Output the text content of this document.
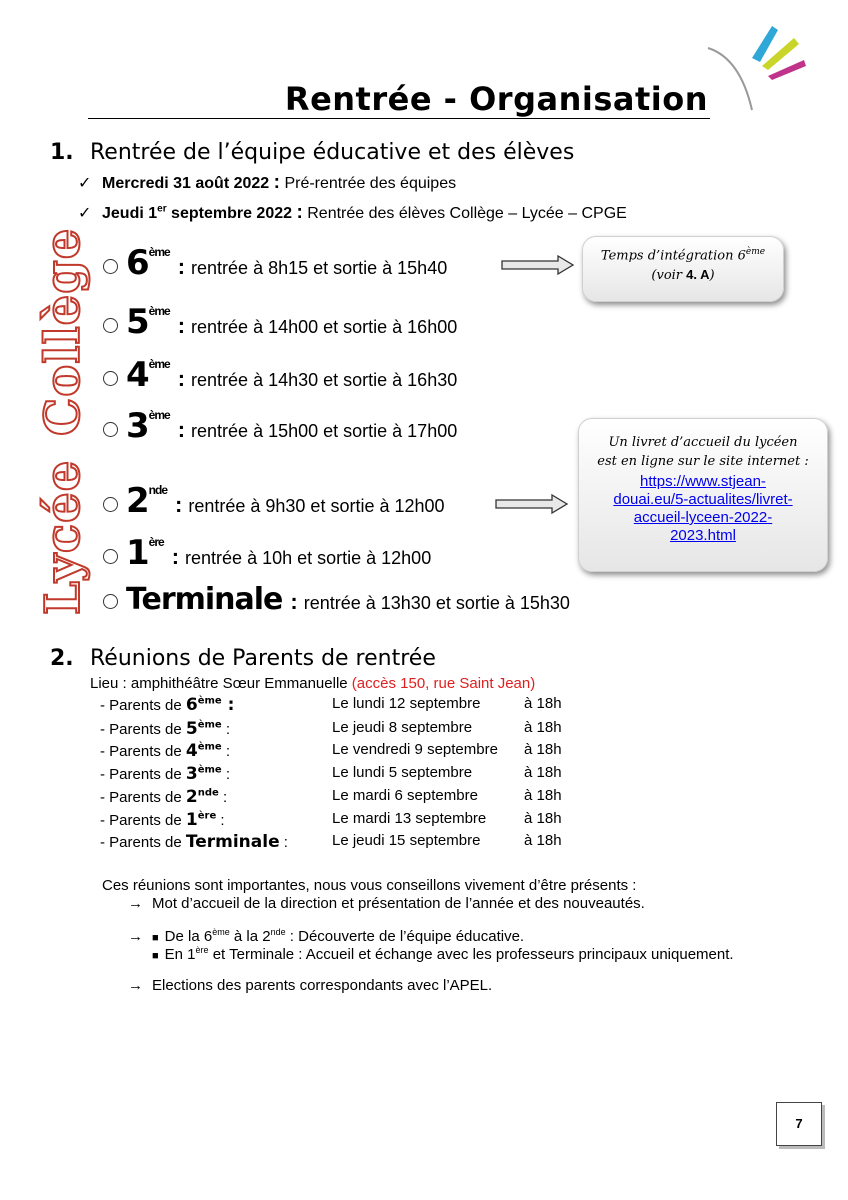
Rentrée - Organisation
1. Rentrée de l’équipe éducative et des élèves
✓ Mercredi 31 août 2022 : Pré-rentrée des équipes
✓ Jeudi 1er septembre 2022 : Rentrée des élèves Collège – Lycée – CPGE
Collège
Lycée
6ème: rentrée à 8h15 et sortie à 15h40
5ème: rentrée à 14h00 et sortie à 16h00
4ème: rentrée à 14h30 et sortie à 16h30
3ème: rentrée à 15h00 et sortie à 17h00
2nde: rentrée à 9h30 et sortie à 12h00
1ère: rentrée à 10h et sortie à 12h00
Terminale : rentrée à 13h30 et sortie à 15h30
Temps d’intégration 6ème
(voir 4. A)
Un livret d’accueil du lycéen
est en ligne sur le site internet :
https://www.stjean-
douai.eu/5-actualites/livret-
accueil-lyceen-2022-
2023.html
2. Réunions de Parents de rentrée
Lieu : amphithéâtre Sœur Emmanuelle (accès 150, rue Saint Jean)
- Parents de 6ème :	Le lundi 12 septembre	à 18h
- Parents de 5ème :	Le jeudi 8 septembre	à 18h
- Parents de 4ème :	Le vendredi 9 septembre à 18h
- Parents de 3ème :	Le lundi 5 septembre	à 18h
- Parents de 2nde :	Le mardi 6 septembre	à 18h
- Parents de 1ère :	Le mardi 13 septembre	à 18h
- Parents de Terminale :	Le jeudi 15 septembre	à 18h
Ces réunions sont importantes, nous vous conseillons vivement d’être présents :
→ Mot d’accueil de la direction et présentation de l’année et des nouveautés.
→ ■ De la 6ème à la 2nde : Découverte de l’équipe éducative.
■ En 1ère et Terminale : Accueil et échange avec les professeurs principaux uniquement.
→ Elections des parents correspondants avec l’APEL.
7
